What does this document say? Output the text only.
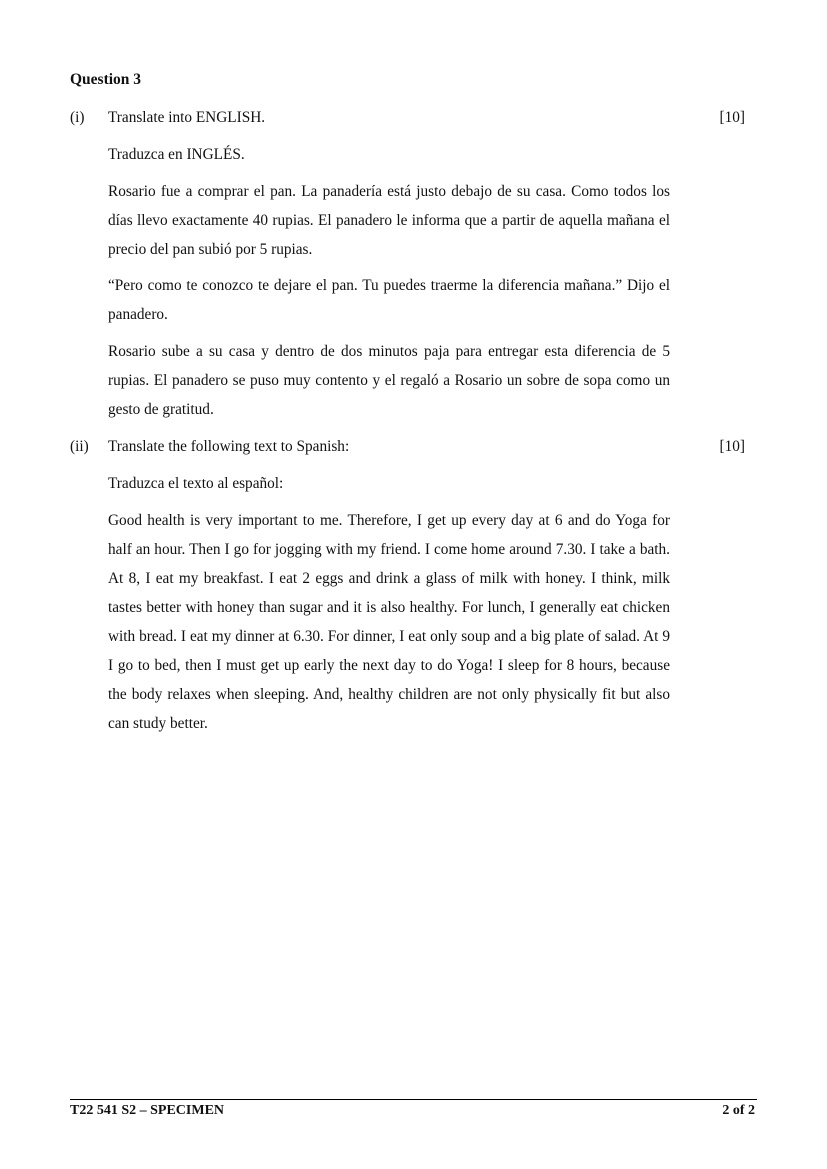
Question 3
(i) Translate into ENGLISH.	[10]

Traduzca en INGLÉS.

Rosario fue a comprar el pan. La panadería está justo debajo de su casa. Como todos los días llevo exactamente 40 rupias. El panadero le informa que a partir de aquella mañana el precio del pan subió por 5 rupias.

“Pero como te conozco te dejare el pan. Tu puedes traerme la diferencia mañana.” Dijo el panadero.

Rosario sube a su casa y dentro de dos minutos paja para entregar esta diferencia de 5 rupias. El panadero se puso muy contento y el regaló a Rosario un sobre de sopa como un gesto de gratitud.

(ii) Translate the following text to Spanish:	[10]

Traduzca el texto al español:

Good health is very important to me. Therefore, I get up every day at 6 and do Yoga for half an hour. Then I go for jogging with my friend. I come home around 7.30. I take a bath. At 8, I eat my breakfast. I eat 2 eggs and drink a glass of milk with honey. I think, milk tastes better with honey than sugar and it is also healthy. For lunch, I generally eat chicken with bread. I eat my dinner at 6.30. For dinner, I eat only soup and a big plate of salad. At 9 I go to bed, then I must get up early the next day to do Yoga! I sleep for 8 hours, because the body relaxes when sleeping. And, healthy children are not only physically fit but also can study better.

T22 541 S2 – SPECIMEN	2 of 2
